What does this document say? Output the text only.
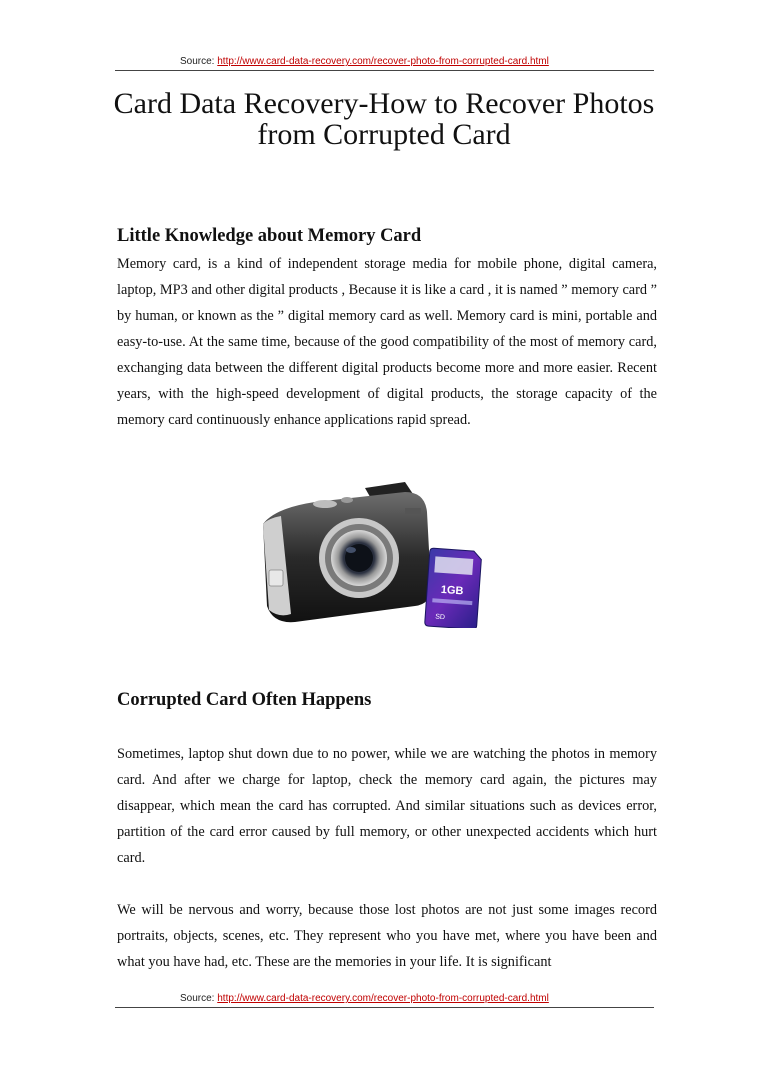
Source: http://www.card-data-recovery.com/recover-photo-from-corrupted-card.html
Card Data Recovery-How to Recover Photos from Corrupted Card
Little Knowledge about Memory Card

Memory card, is a kind of independent storage media for mobile phone, digital camera, laptop, MP3 and other digital products , Because it is like a card , it is named ” memory card ” by human, or known as the ” digital memory card as well. Memory card is mini, portable and easy-to-use. At the same time, because of the good compatibility of the most of memory card, exchanging data between the different digital products become more and more easier. Recent years, with the high-speed development of digital products, the storage capacity of the memory card continuously enhance applications rapid spread.

1GB
SD
Corrupted Card Often Happens

Sometimes, laptop shut down due to no power, while we are watching the photos in memory card. And after we charge for laptop, check the memory card again, the pictures may disappear, which mean the card has corrupted. And similar situations such as devices error, partition of the card error caused by full memory, or other unexpected accidents which hurt card.

We will be nervous and worry, because those lost photos are not just some images record portraits, objects, scenes, etc. They represent who you have met, where you have been and what you have had, etc. These are the memories in your life. It is significant

Source: http://www.card-data-recovery.com/recover-photo-from-corrupted-card.html
